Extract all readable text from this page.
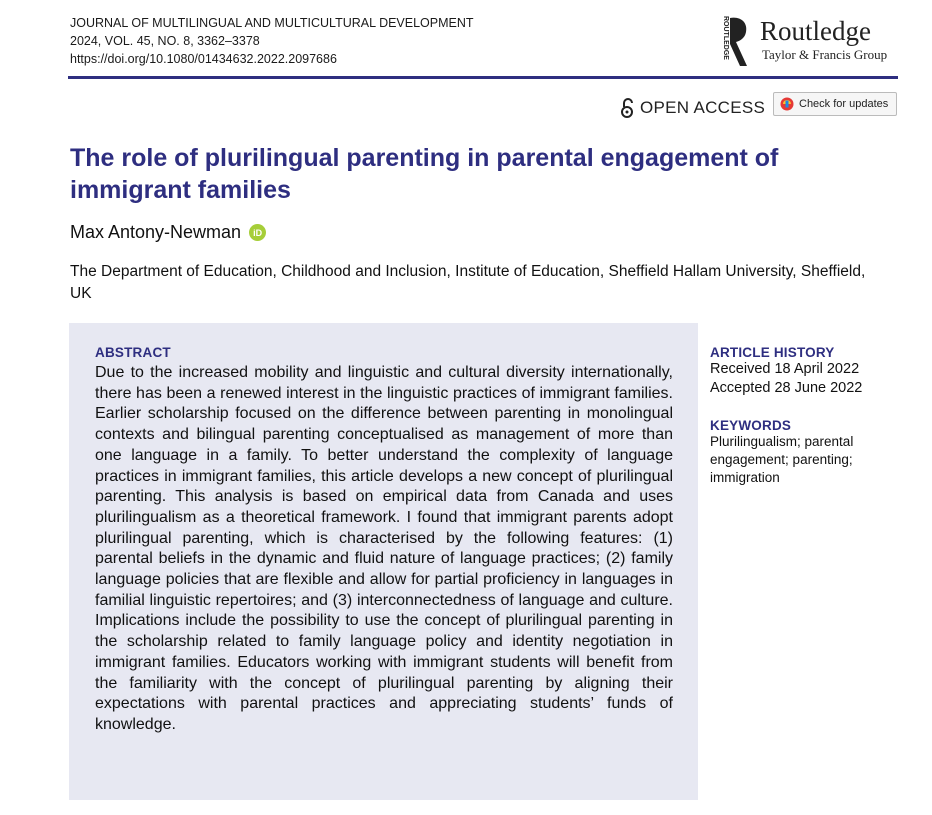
JOURNAL OF MULTILINGUAL AND MULTICULTURAL DEVELOPMENT
2024, VOL. 45, NO. 8, 3362–3378
https://doi.org/10.1080/01434632.2022.2097686	ROUTLEDGE Routledge
Taylor & Francis Group
OPEN ACCESS	Check for updates
The role of plurilingual parenting in parental engagement of immigrant families
Max Antony-Newman	iD
The Department of Education, Childhood and Inclusion, Institute of Education, Sheffield Hallam University, Sheffield, UK
ABSTRACT
Due to the increased mobility and linguistic and cultural diversity internationally, there has been a renewed interest in the linguistic practices of immigrant families. Earlier scholarship focused on the difference between parenting in monolingual contexts and bilingual parenting conceptualised as management of more than one language in a family. To better understand the complexity of language practices in immigrant families, this article develops a new concept of plurilingual parenting. This analysis is based on empirical data from Canada and uses plurilingualism as a theoretical framework. I found that immigrant parents adopt plurilingual parenting, which is characterised by the following features: (1) parental beliefs in the dynamic and fluid nature of language practices; (2) family language policies that are flexible and allow for partial proficiency in languages in familial linguistic repertoires; and (3) interconnectedness of language and culture. Implications include the possibility to use the concept of plurilingual parenting in the scholarship related to family language policy and identity negotiation in immigrant families. Educators working with immigrant students will benefit from the familiarity with the concept of plurilingual parenting by aligning their expectations with parental practices and appreciating students’ funds of knowledge.
ARTICLE HISTORY
Received 18 April 2022
Accepted 28 June 2022
KEYWORDS
Plurilingualism; parental engagement; parenting; immigration
